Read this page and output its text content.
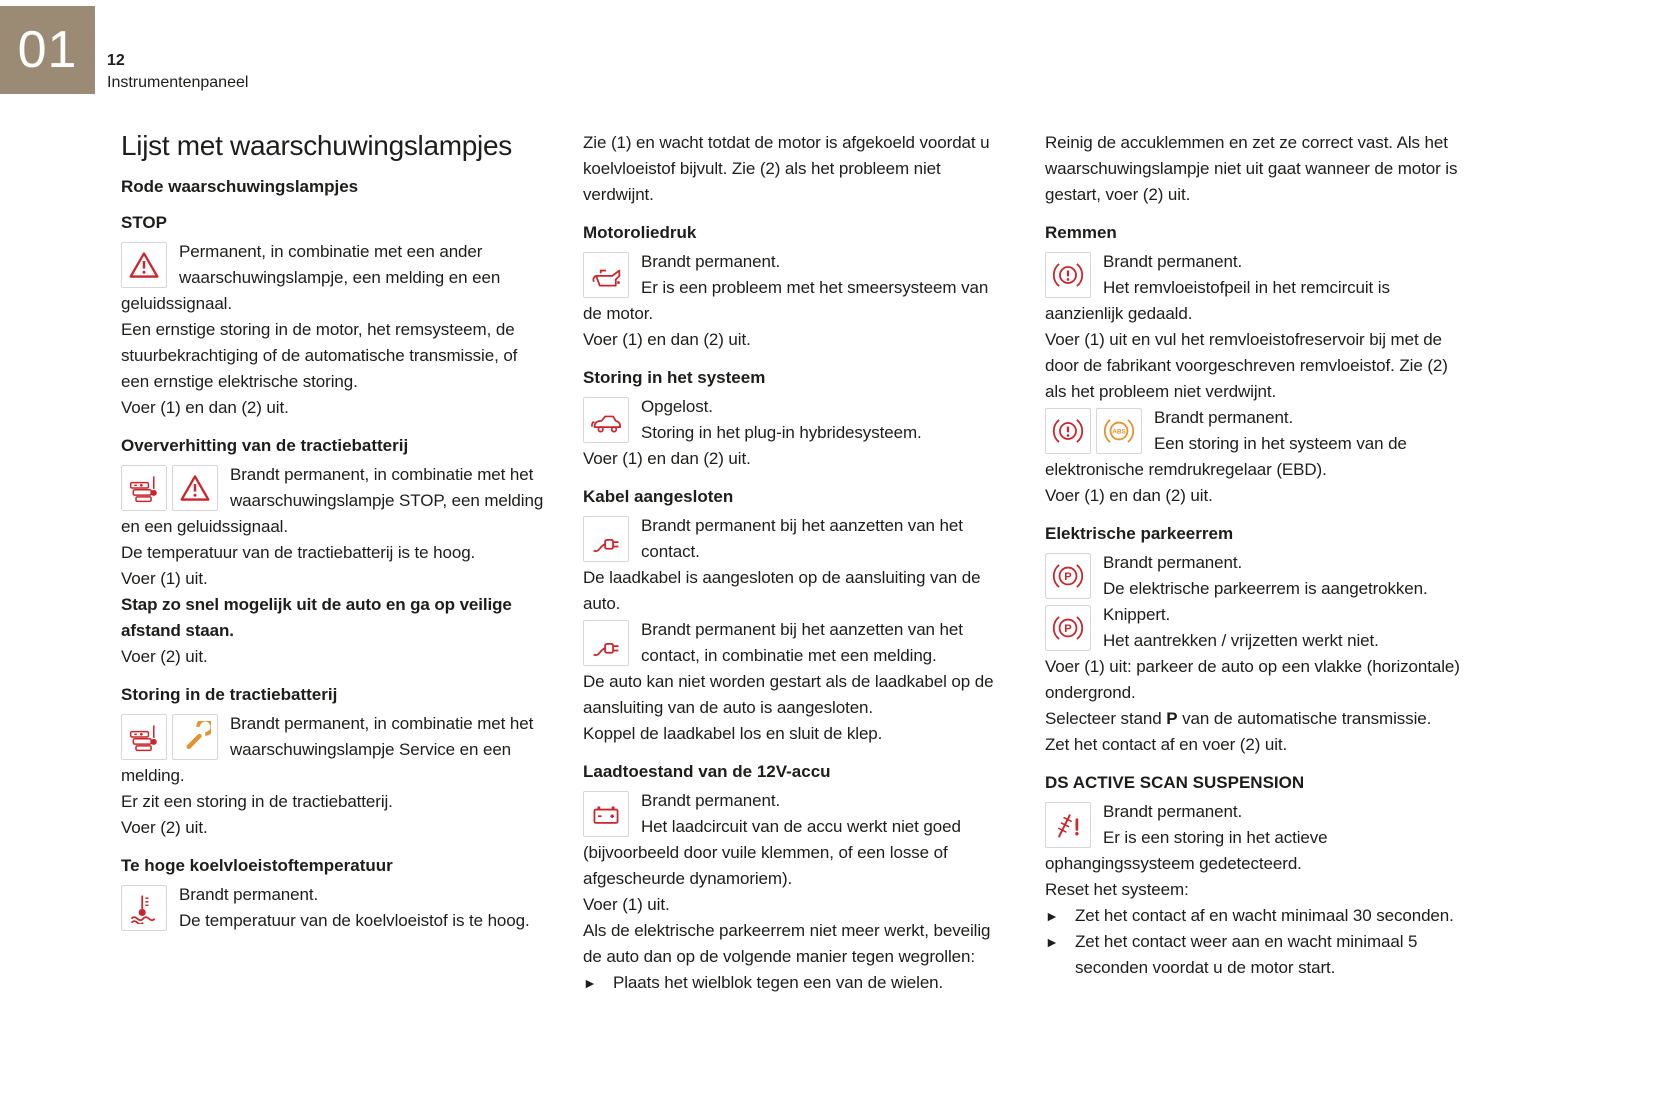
01 12
Instrumentenpaneel
Lijst met waarschuwingslampjes
Rode waarschuwingslampjes
STOP

Permanent, in combinatie met een ander waarschuwingslampje, een melding en een geluidssignaal.

Een ernstige storing in de motor, het remsysteem, de stuurbekrachtiging of de automatische transmissie, of een ernstige elektrische storing.

Voer (1) en dan (2) uit.

Oververhitting van de tractiebatterij

Brandt permanent, in combinatie met het waarschuwingslampje STOP, een melding en een geluidssignaal.

De temperatuur van de tractiebatterij is te hoog.

Voer (1) uit.

Stap zo snel mogelijk uit de auto en ga op veilige afstand staan.

Voer (2) uit.

Storing in de tractiebatterij

Brandt permanent, in combinatie met het waarschuwingslampje Service en een melding.

Er zit een storing in de tractiebatterij.

Voer (2) uit.

Te hoge koelvloeistoftemperatuur

Brandt permanent.

De temperatuur van de koelvloeistof is te hoog.

Zie (1) en wacht totdat de motor is afgekoeld voordat u koelvloeistof bijvult. Zie (2) als het probleem niet verdwijnt.

Motoroliedruk

Brandt permanent.

Er is een probleem met het smeersysteem van de motor.

Voer (1) en dan (2) uit.

Storing in het systeem

Opgelost.

Storing in het plug-in hybridesysteem.

Voer (1) en dan (2) uit.

Kabel aangesloten

Brandt permanent bij het aanzetten van het contact.

De laadkabel is aangesloten op de aansluiting van de auto.

Brandt permanent bij het aanzetten van het contact, in combinatie met een melding.

De auto kan niet worden gestart als de laadkabel op de aansluiting van de auto is aangesloten.

Koppel de laadkabel los en sluit de klep.

Laadtoestand van de 12V-accu

Brandt permanent.

Het laadcircuit van de accu werkt niet goed (bijvoorbeeld door vuile klemmen, of een losse of afgescheurde dynamoriem).

Voer (1) uit.

Als de elektrische parkeerrem niet meer werkt, beveilig de auto dan op de volgende manier tegen wegrollen:

► Plaats het wielblok tegen een van de wielen.

Reinig de accuklemmen en zet ze correct vast. Als het waarschuwingslampje niet uit gaat wanneer de motor is gestart, voer (2) uit.

Remmen

Brandt permanent.

Het remvloeistofpeil in het remcircuit is aanzienlijk gedaald.

Voer (1) uit en vul het remvloeistofreservoir bij met de door de fabrikant voorgeschreven remvloeistof. Zie (2) als het probleem niet verdwijnt.

ABS

Brandt permanent.

Een storing in het systeem van de elektronische remdrukregelaar (EBD).

Voer (1) en dan (2) uit.

Elektrische parkeerrem
P

Brandt permanent.

De elektrische parkeerrem is aangetrokken.

P

Knippert.

Het aantrekken / vrijzetten werkt niet.

Voer (1) uit: parkeer de auto op een vlakke (horizontale) ondergrond.

Selecteer stand P van de automatische transmissie.

Zet het contact af en voer (2) uit.

DS ACTIVE SCAN SUSPENSION

Brandt permanent.

Er is een storing in het actieve ophangingssysteem gedetecteerd.

Reset het systeem:

► Zet het contact af en wacht minimaal 30 seconden.
► Zet het contact weer aan en wacht minimaal 5 seconden voordat u de motor start.
